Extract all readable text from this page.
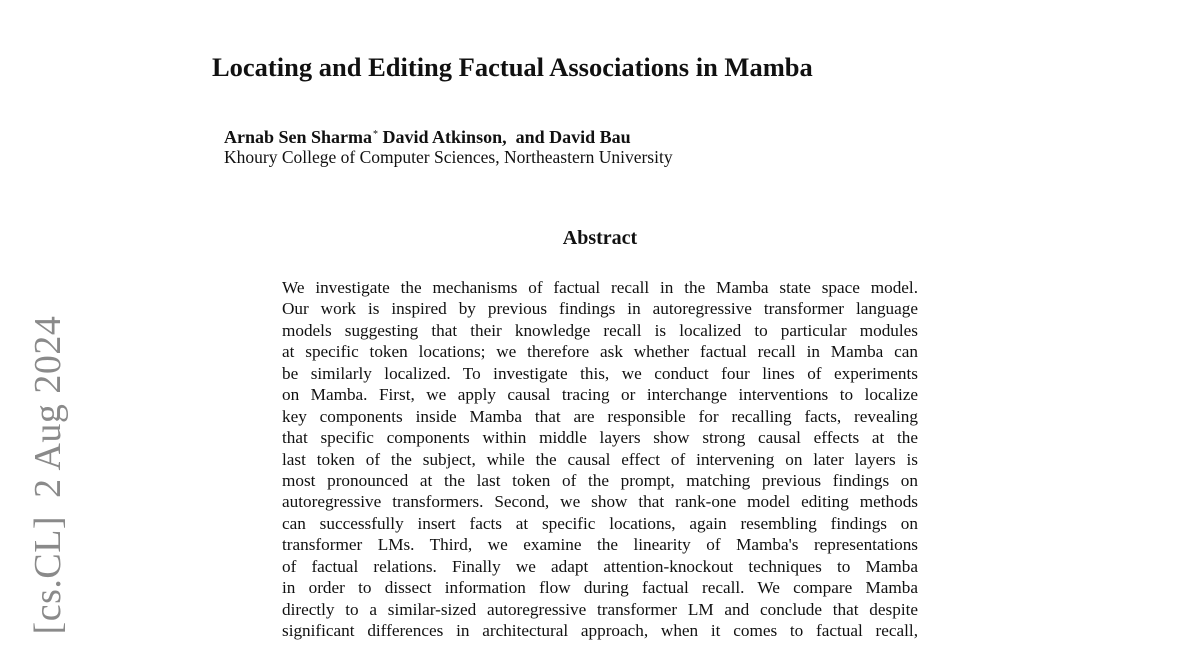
[cs.CL]2 Aug 2024
Locating and Editing Factual Associations in Mamba
Arnab Sen Sharma* David Atkinson, and David Bau
Khoury College of Computer Sciences, Northeastern University
Abstract
We investigate the mechanisms of factual recall in the Mamba state space model.
Our work is inspired by previous findings in autoregressive transformer language
models suggesting that their knowledge recall is localized to particular modules
at specific token locations; we therefore ask whether factual recall in Mamba can
be similarly localized. To investigate this, we conduct four lines of experiments
on Mamba. First, we apply causal tracing or interchange interventions to localize
key components inside Mamba that are responsible for recalling facts, revealing
that specific components within middle layers show strong causal effects at the
last token of the subject, while the causal effect of intervening on later layers is
most pronounced at the last token of the prompt, matching previous findings on
autoregressive transformers. Second, we show that rank-one model editing methods
can successfully insert facts at specific locations, again resembling findings on
transformer LMs. Third, we examine the linearity of Mamba's representations
of factual relations. Finally we adapt attention-knockout techniques to Mamba
in order to dissect information flow during factual recall. We compare Mamba
directly to a similar-sized autoregressive transformer LM and conclude that despite
significant differences in architectural approach, when it comes to factual recall,
